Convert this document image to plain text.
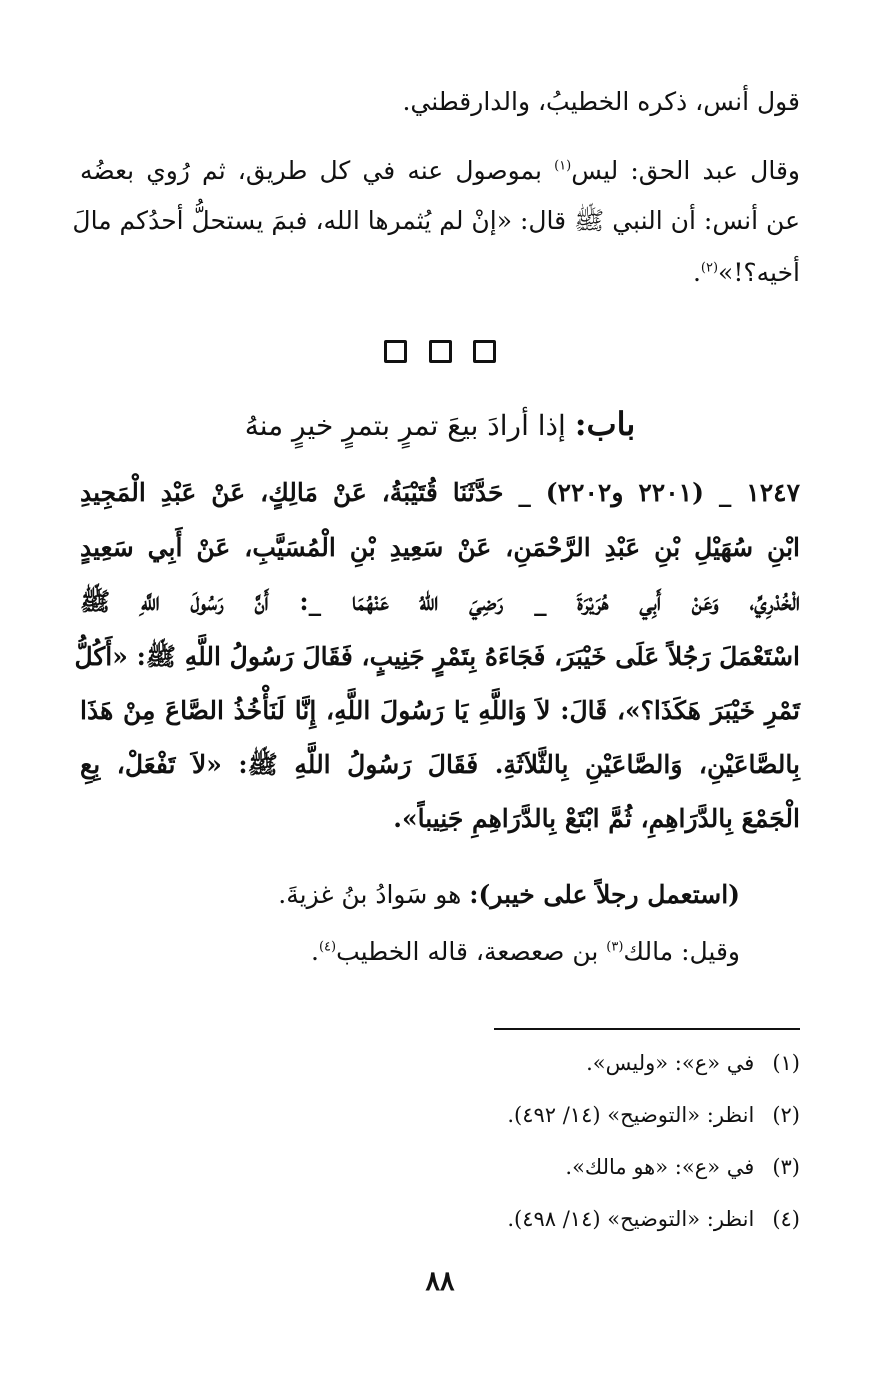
قول أنس، ذكره الخطيبُ، والدارقطني.
وقال عبد الحق: ليس$^{(١)}$ بموصول عنه في كل طريق، ثم رُوي بعضُه
عن أنس: أن النبي ﷺ قال: «إنْ لم يُثمرها الله، فبمَ يستحلُّ أحدُكم مالَ
أخيه؟!»$^{(٢)}$.

باب: إذا أرادَ بيعَ تمرٍ بتمرٍ خيرٍ منهُ
١٢٤٧ _ (٢٢٠١ و٢٢٠٢) _ حَدَّثَنَا قُتَيْبَةُ، عَنْ مَالِكٍ، عَنْ عَبْدِ الْمَجِيدِ
ابْنِ سُهَيْلِ بْنِ عَبْدِ الرَّحْمَنِ، عَنْ سَعِيدِ بْنِ الْمُسَيَّبِ، عَنْ أَبِي سَعِيدٍ
الْخُدْرِيِّ، وَعَنْ أَبِي هُرَيْرَةَ _ رَضِيَ اللهُ عَنْهُمَا _: أَنَّ رَسُولَ اللَّهِ ﷺ
اسْتَعْمَلَ رَجُلاً عَلَى خَيْبَرَ، فَجَاءَهُ بِتَمْرٍ جَنِيبٍ، فَقَالَ رَسُولُ اللَّهِ ﷺ: «أَكُلُّ
تَمْرِ خَيْبَرَ هَكَذَا؟»، قَالَ: لاَ وَاللَّهِ يَا رَسُولَ اللَّهِ، إِنَّا لَنَأْخُذُ الصَّاعَ مِنْ هَذَا
بِالصَّاعَيْنِ، وَالصَّاعَيْنِ بِالثَّلاَثَةِ. فَقَالَ رَسُولُ اللَّهِ ﷺ: «لاَ تَفْعَلْ، بِعِ
الْجَمْعَ بِالدَّرَاهِمِ، ثُمَّ ابْتَعْ بِالدَّرَاهِمِ جَنِيباً».
(استعمل رجلاً على خيبر): هو سَوادُ بنُ غزيةَ.
وقيل: مالك$^{(٣)}$ بن صعصعة، قاله الخطيب$^{(٤)}$.
(١)في «ع»: «وليس».
(٢)انظر: «التوضيح» (١٤/ ٤٩٢).
(٣)في «ع»: «هو مالك».
(٤)انظر: «التوضيح» (١٤/ ٤٩٨).
٨٨
